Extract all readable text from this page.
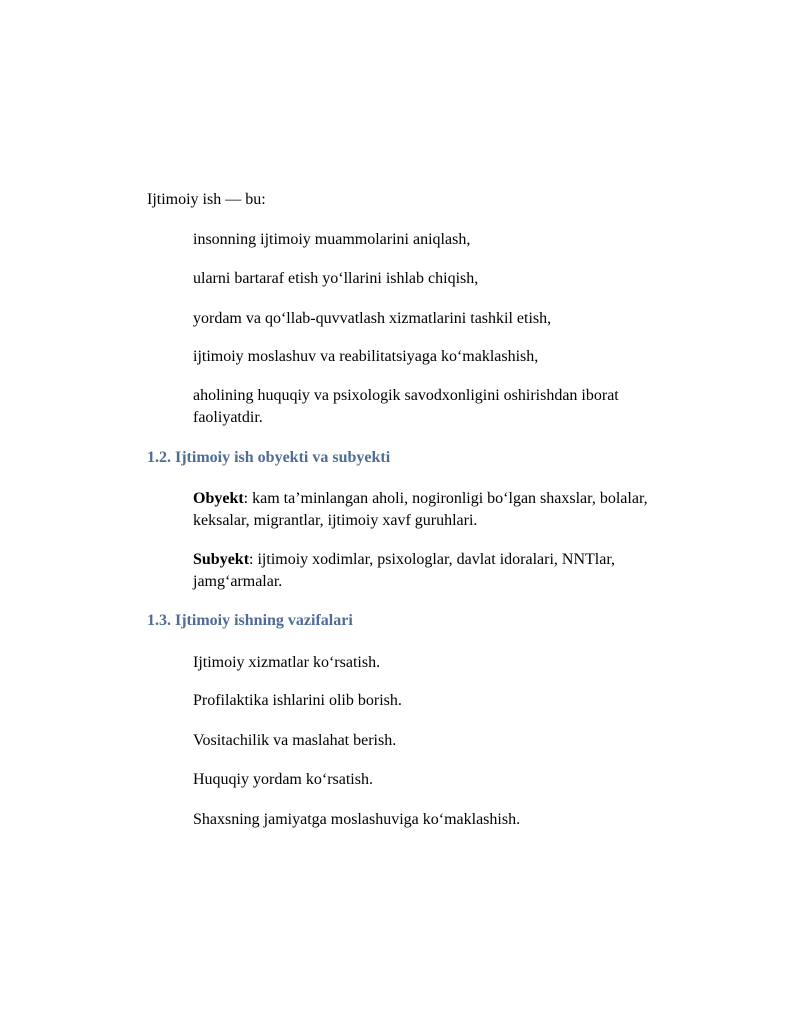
Ijtimoiy ish — bu:

insonning ijtimoiy muammolarini aniqlash,

ularni bartaraf etish yo‘llarini ishlab chiqish,

yordam va qo‘llab-quvvatlash xizmatlarini tashkil etish,

ijtimoiy moslashuv va reabilitatsiyaga ko‘maklashish,

aholining huquqiy va psixologik savodxonligini oshirishdan iborat faoliyatdir.

1.2. Ijtimoiy ish obyekti va subyekti

Obyekt: kam ta’minlangan aholi, nogironligi bo‘lgan shaxslar, bolalar, keksalar, migrantlar, ijtimoiy xavf guruhlari.

Subyekt: ijtimoiy xodimlar, psixologlar, davlat idoralari, NNTlar, jamg‘armalar.

1.3. Ijtimoiy ishning vazifalari

Ijtimoiy xizmatlar ko‘rsatish.

Profilaktika ishlarini olib borish.

Vositachilik va maslahat berish.

Huquqiy yordam ko‘rsatish.

Shaxsning jamiyatga moslashuviga ko‘maklashish.
